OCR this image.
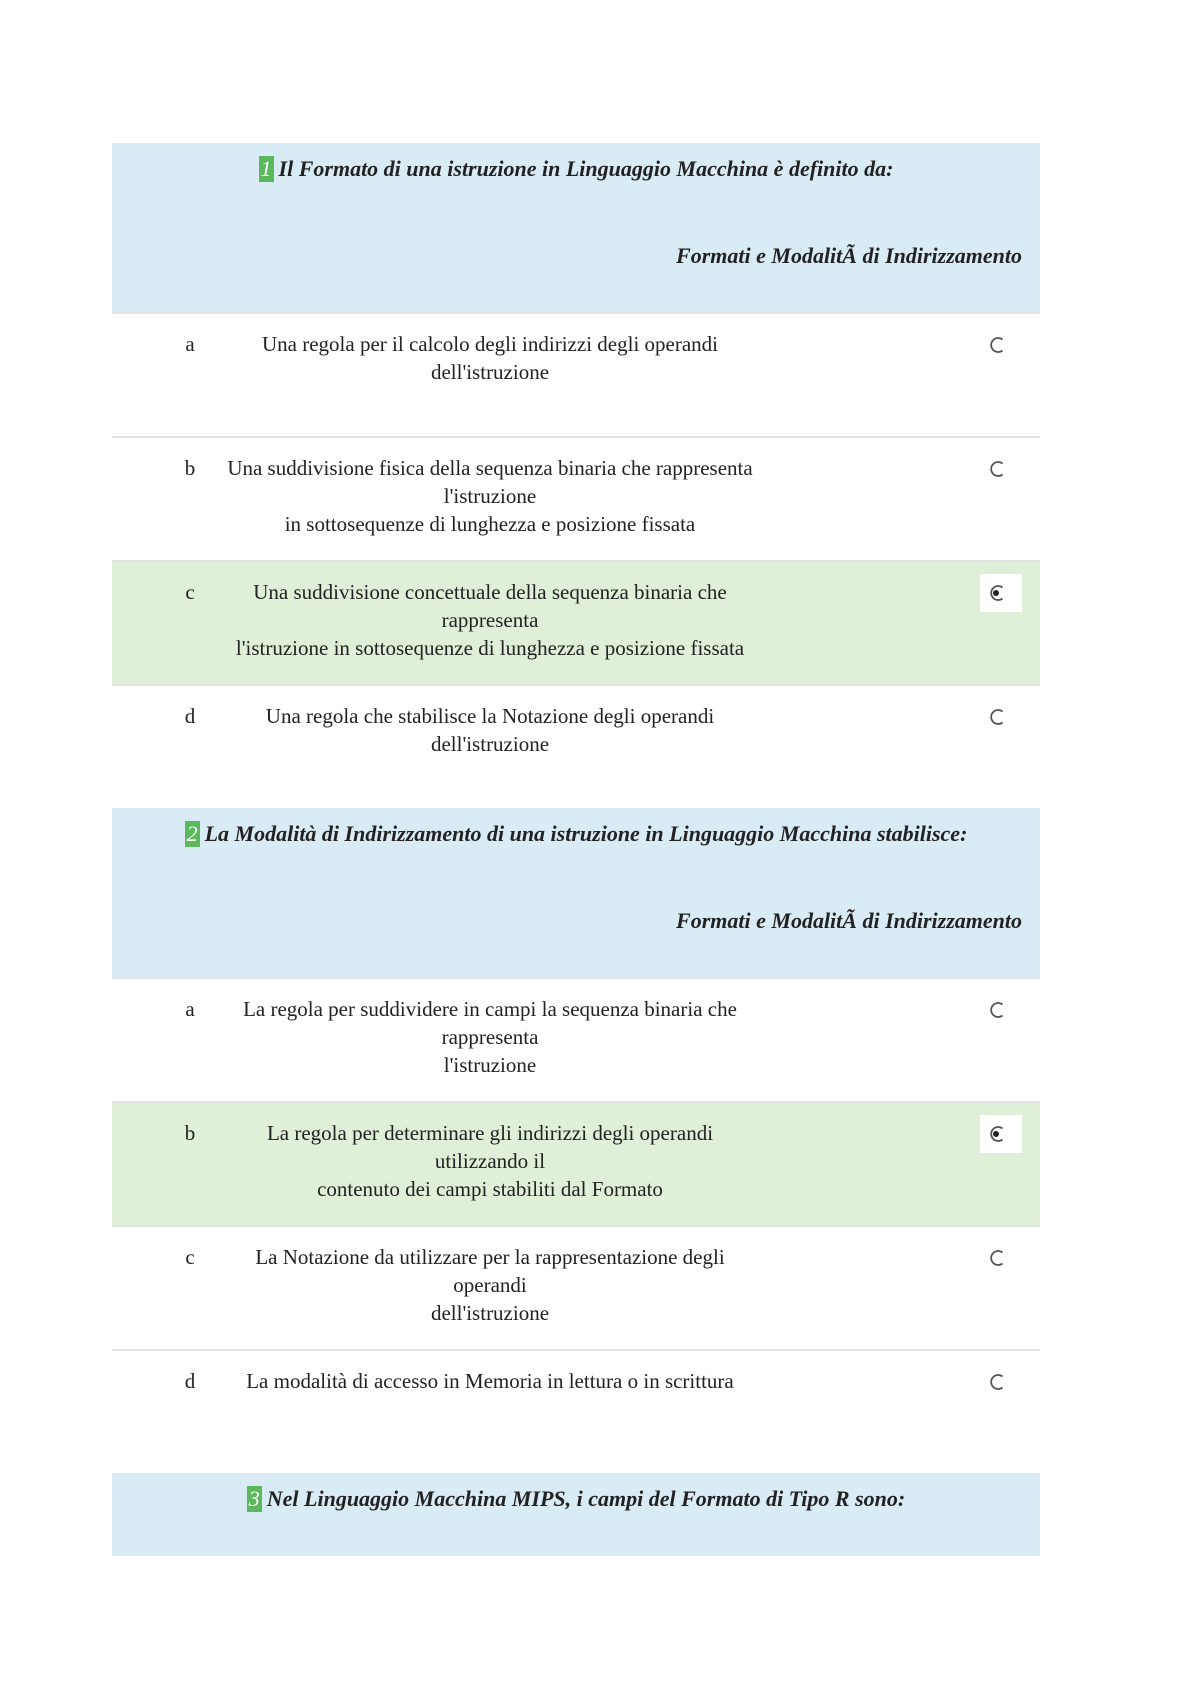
1 Il Formato di una istruzione in Linguaggio Macchina è definito da:
Formati e ModalitÃ di Indirizzamento
a	Una regola per il calcolo degli indirizzi degli operandi dell'istruzione
b Una suddivisione fisica della sequenza binaria che rappresenta l'istruzione
in sottosequenze di lunghezza e posizione fissata
c	Una suddivisione concettuale della sequenza binaria che rappresenta
l'istruzione in sottosequenze di lunghezza e posizione fissata
d	Una regola che stabilisce la Notazione degli operandi dell'istruzione
2 La Modalità di Indirizzamento di una istruzione in Linguaggio Macchina stabilisce:
Formati e ModalitÃ di Indirizzamento
a	La regola per suddividere in campi la sequenza binaria che rappresenta
l'istruzione
b	La regola per determinare gli indirizzi degli operandi utilizzando il
contenuto dei campi stabiliti dal Formato
c	La Notazione da utilizzare per la rappresentazione degli operandi
dell'istruzione
d	La modalità di accesso in Memoria in lettura o in scrittura
3 Nel Linguaggio Macchina MIPS, i campi del Formato di Tipo R sono:
